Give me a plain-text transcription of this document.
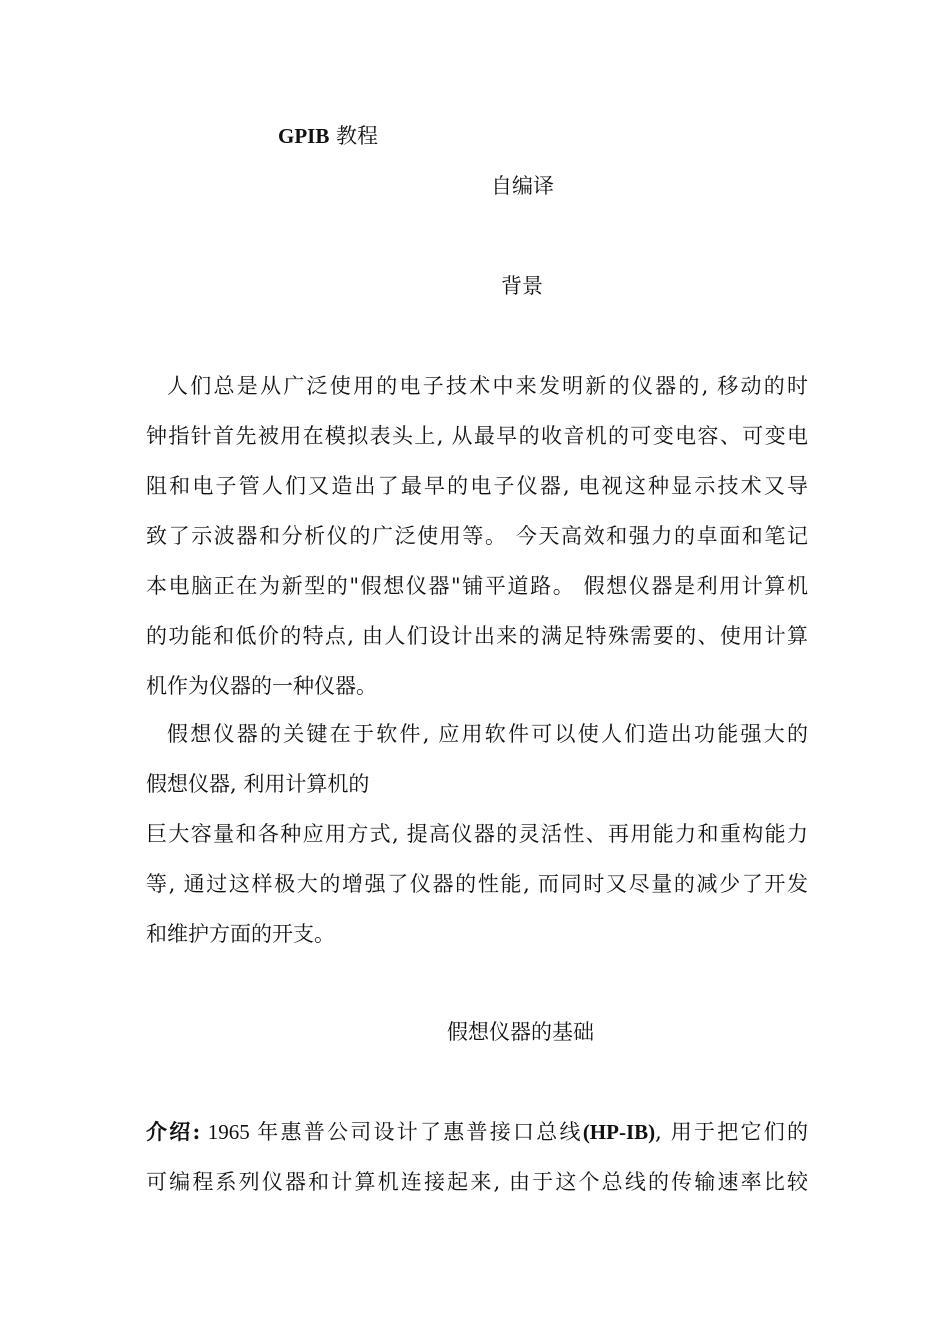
GPIB 教程
自编译
背景
人们总是从广泛使用的电子技术中来发明新的仪器的, 移动的时
钟指针首先被用在模拟表头上, 从最早的收音机的可变电容、可变电
阻和电子管人们又造出了最早的电子仪器, 电视这种显示技术又导
致了示波器和分析仪的广泛使用等。 今天高效和强力的卓面和笔记
本电脑正在为新型的"假想仪器"铺平道路。 假想仪器是利用计算机
的功能和低价的特点, 由人们设计出来的满足特殊需要的、使用计算
机作为仪器的一种仪器。
假想仪器的关键在于软件, 应用软件可以使人们造出功能强大的
假想仪器, 利用计算机的
巨大容量和各种应用方式, 提高仪器的灵活性、再用能力和重构能力
等, 通过这样极大的增强了仪器的性能, 而同时又尽量的减少了开发
和维护方面的开支。
假想仪器的基础
介绍: 1965 年惠普公司设计了惠普接口总线(HP-IB), 用于把它们的
可编程系列仪器和计算机连接起来, 由于这个总线的传输速率比较
